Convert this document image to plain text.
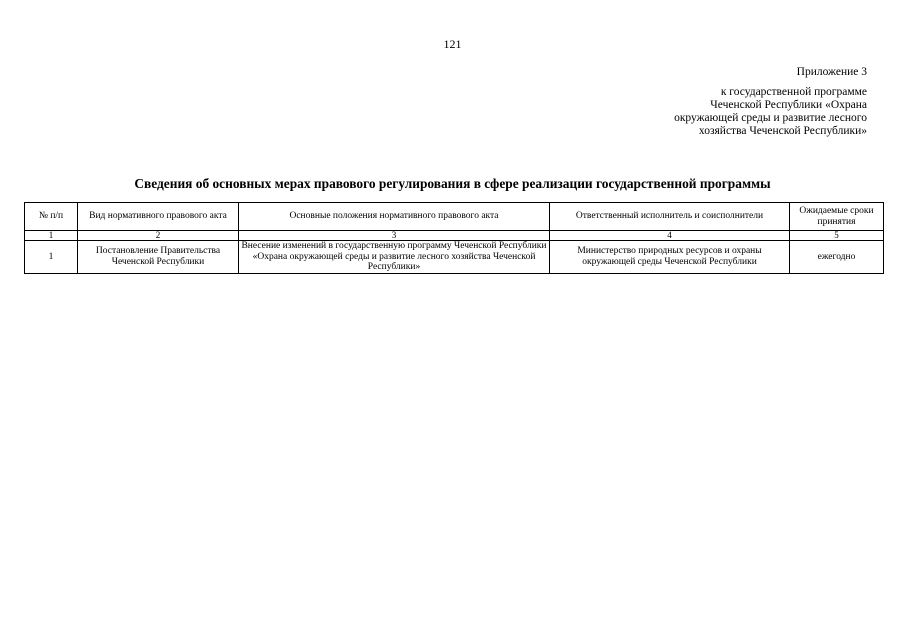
121
Приложение 3
к государственной программе
Чеченской Республики «Охрана
окружающей среды и развитие лесного
хозяйства Чеченской Республики»
Сведения об основных мерах правового регулирования в сфере реализации государственной программы
№ п/п	Вид нормативного правового акта	Основные положения нормативного правового акта	Ответственный исполнитель и соисполнители	Ожидаемые сроки принятия
1	2	3	4	5
1	Постановление Правительства Чеченской Республики	Внесение изменений в государственную программу Чеченской Республики «Охрана окружающей среды и развитие лесного хозяйства Чеченской Республики»	Министерство природных ресурсов и охраны окружающей среды Чеченской Республики	ежегодно
